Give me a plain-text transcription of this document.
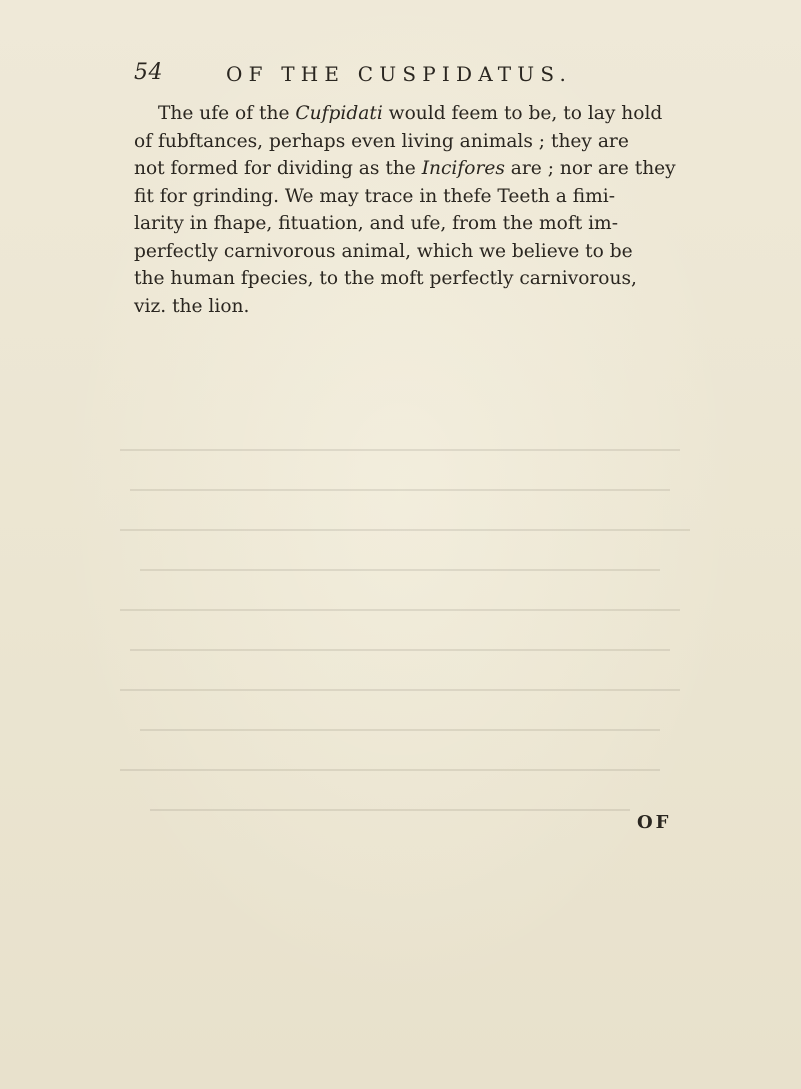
54	OF THE CUSPIDATUS.
The ufe of the Cufpidati would feem to be, to lay hold
of fubftances, perhaps even living animals ; they are
not formed for dividing as the Incifores are ; nor are they
fit for grinding. We may trace in thefe Teeth a fimi-
larity in fhape, fituation, and ufe, from the moft im-
perfectly carnivorous animal, which we believe to be
the human fpecies, to the moft perfectly carnivorous,
viz. the lion.
OF
